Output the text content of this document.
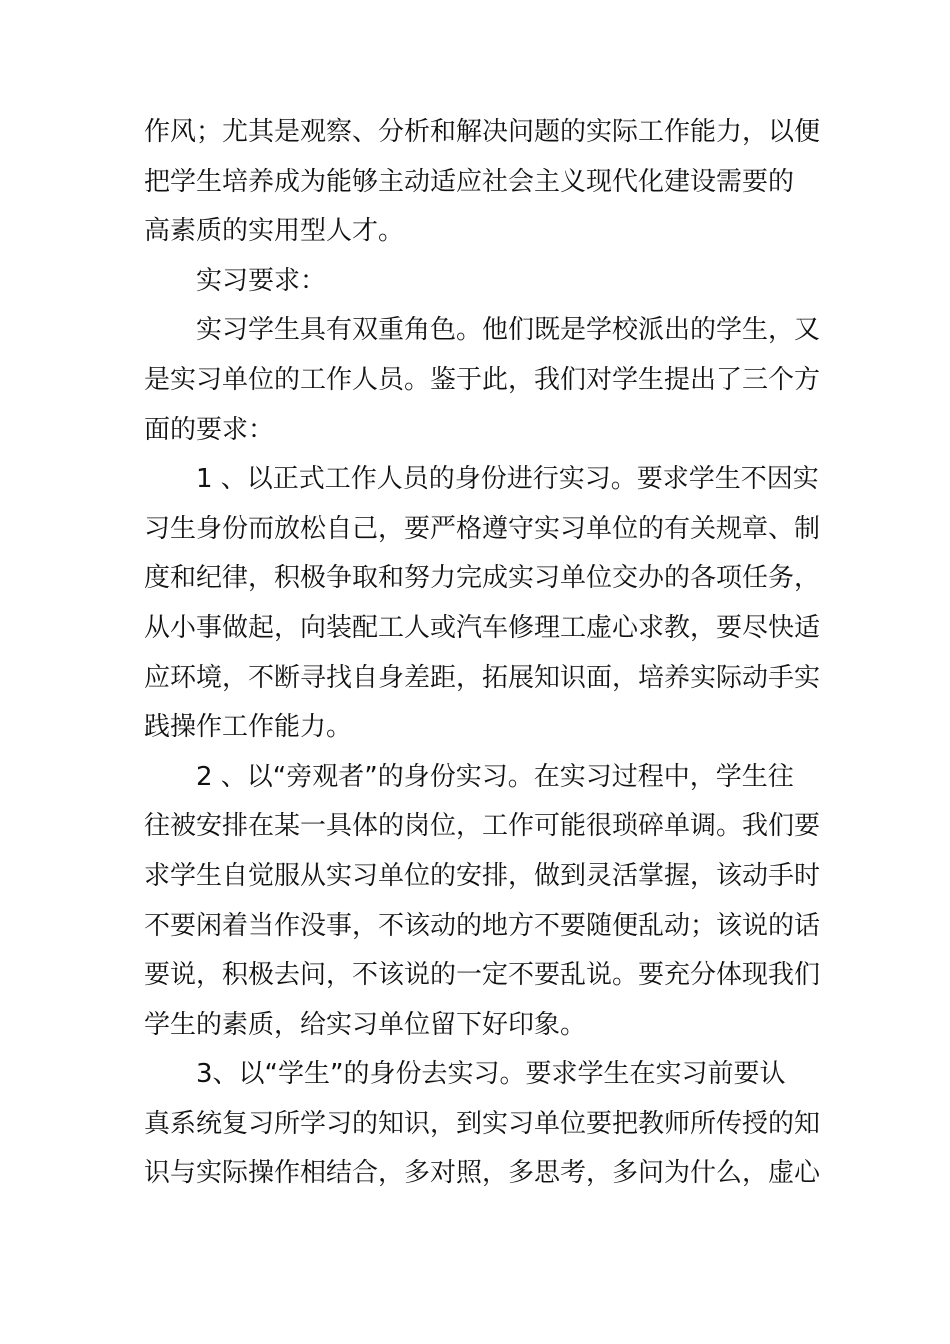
作风；尤其是观察、分析和解决问题的实际工作能力，以便
把学生培养成为能够主动适应社会主义现代化建设需要的
高素质的实用型人才。
实习要求：
实习学生具有双重角色。他们既是学校派出的学生，又
是实习单位的工作人员。鉴于此，我们对学生提出了三个方
面的要求：
1 、以正式工作人员的身份进行实习。要求学生不因实
习生身份而放松自己，要严格遵守实习单位的有关规章、制
度和纪律，积极争取和努力完成实习单位交办的各项任务，
从小事做起，向装配工人或汽车修理工虚心求教，要尽快适
应环境，不断寻找自身差距，拓展知识面，培养实际动手实
践操作工作能力。
2 、以“旁观者”的身份实习。在实习过程中，学生往
往被安排在某一具体的岗位，工作可能很琐碎单调。我们要
求学生自觉服从实习单位的安排，做到灵活掌握，该动手时
不要闲着当作没事，不该动的地方不要随便乱动；该说的话
要说，积极去问，不该说的一定不要乱说。要充分体现我们
学生的素质，给实习单位留下好印象。
3、以“学生”的身份去实习。要求学生在实习前要认
真系统复习所学习的知识，到实习单位要把教师所传授的知
识与实际操作相结合，多对照，多思考，多问为什么，虚心
